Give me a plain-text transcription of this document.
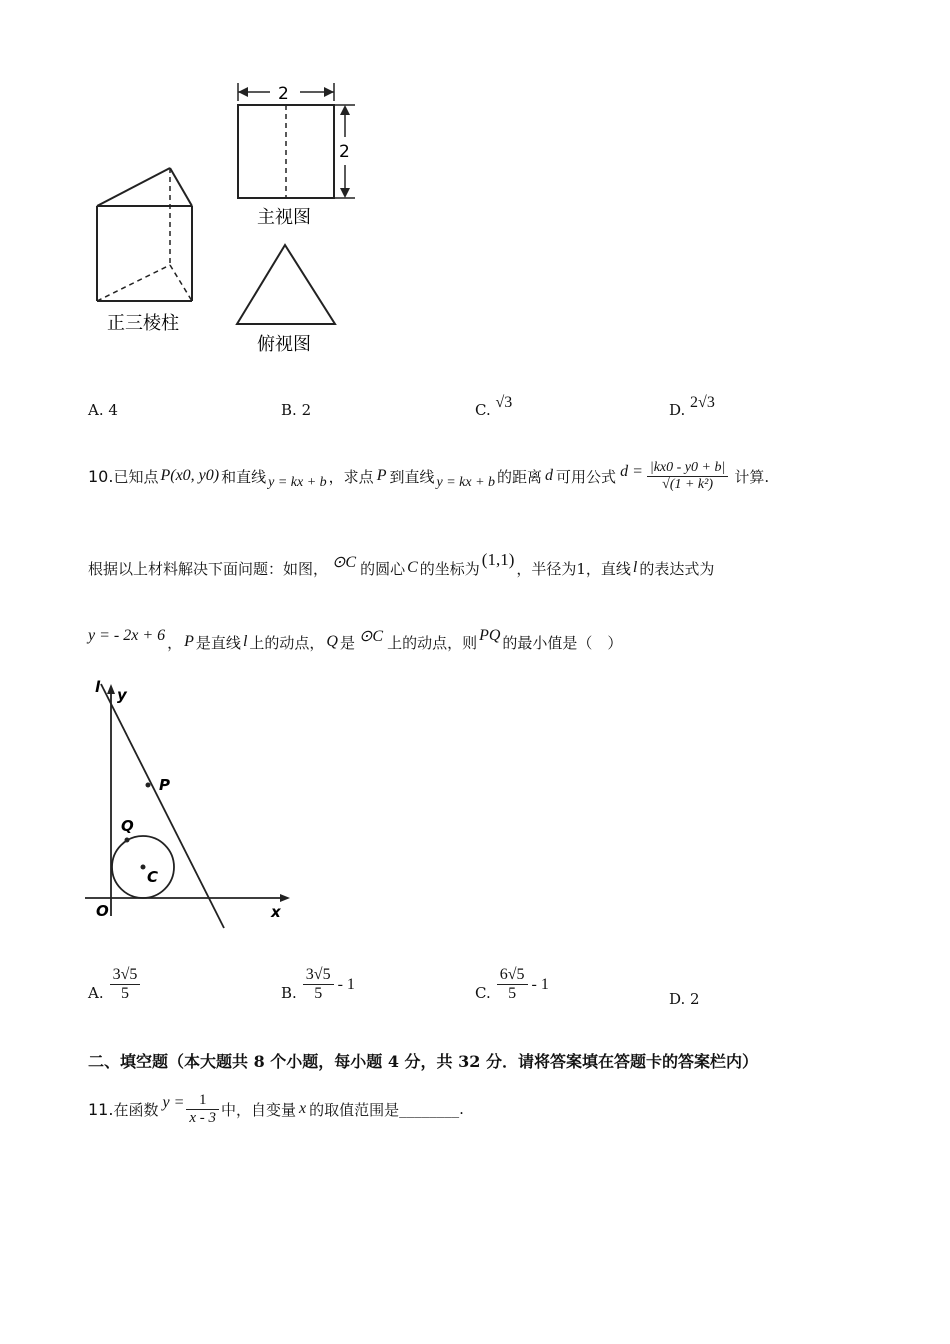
正三棱柱
2
2
主视图
俯视图
A. 4	B. 2	C. √3	D. 2√3
10. 已知点 P(x0, y0) 和直线 y = kx + b ，求点 P 到直线 y = kx + b 的距离 d 可用公式 $d = \frac{|kx0 - y0 + b|}{\text{√(1 + k²)}}$ 计算.
根据以上材料解决下面问题：如图， ⊙C 的圆心 C 的坐标为 (1,1) ，半径为1，直线 l 的表达式为
y = - 2x + 6 ， P 是直线 l 上的动点， Q 是 ⊙C 上的动点，则 PQ 的最小值是（　）
l y
P
Q
C
O	x
A. $\frac{3√5}{5}$	B. $\frac{3√5}{5} - 1$	C. $\frac{6√5}{5} - 1$
D. 2
二、填空题（本大题共 8 个小题，每小题 4 分，共 32 分．请将答案填在答题卡的答案栏内）
11. 在函数 $y = \frac{1}{x - 3}$ 中，自变量 x 的取值范围是 ________ .
